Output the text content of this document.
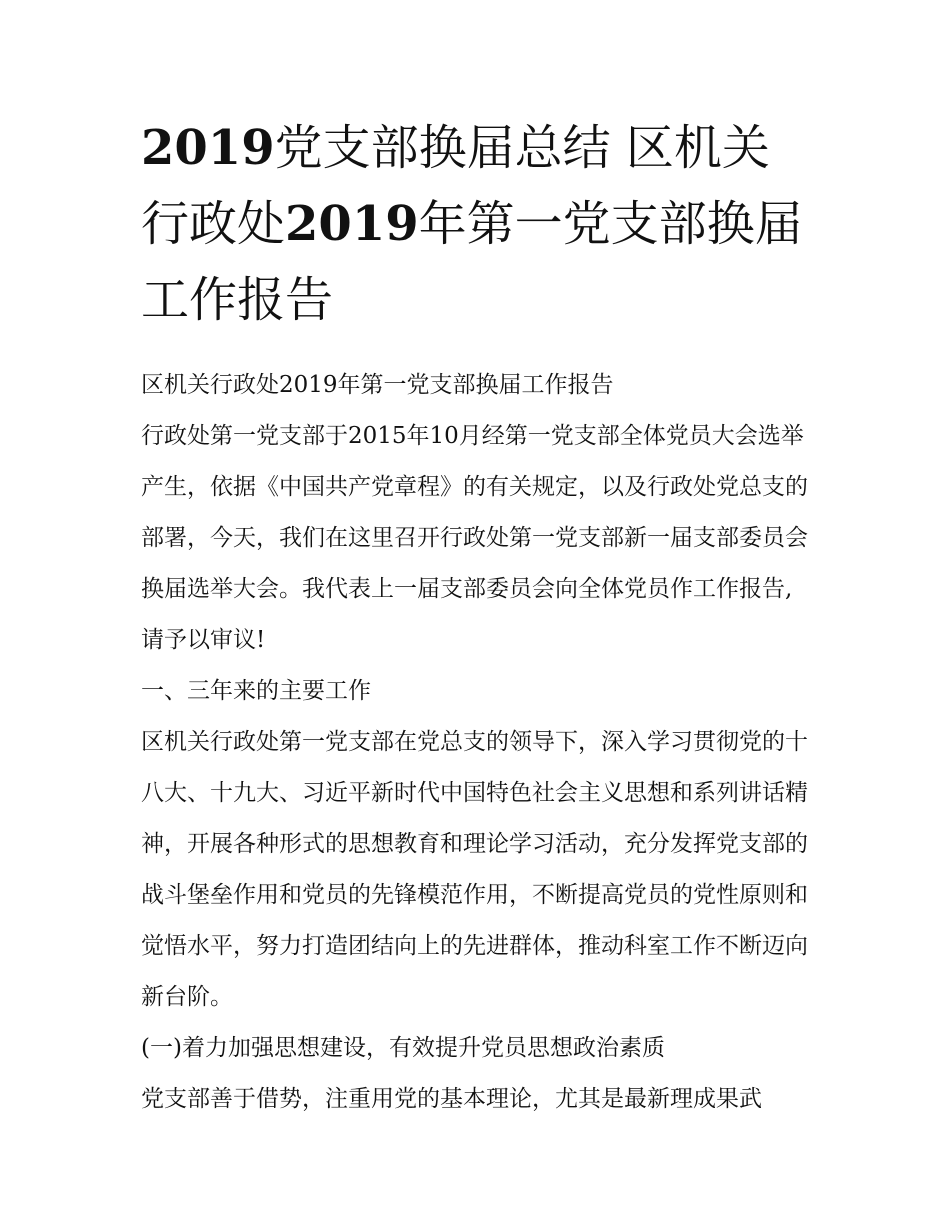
2019党支部换届总结 区机关行政处2019年第一党支部换届工作报告

区机关行政处2019年第一党支部换届工作报告

行政处第一党支部于2015年10月经第一党支部全体党员大会选举产生，依据《中国共产党章程》的有关规定，以及行政处党总支的部署，今天，我们在这里召开行政处第一党支部新一届支部委员会换届选举大会。我代表上一届支部委员会向全体党员作工作报告,请予以审议!

一、三年来的主要工作

区机关行政处第一党支部在党总支的领导下，深入学习贯彻党的十八大、十九大、习近平新时代中国特色社会主义思想和系列讲话精神，开展各种形式的思想教育和理论学习活动，充分发挥党支部的战斗堡垒作用和党员的先锋模范作用，不断提高党员的党性原则和觉悟水平，努力打造团结向上的先进群体，推动科室工作不断迈向新台阶。

(一)着力加强思想建设，有效提升党员思想政治素质

党支部善于借势，注重用党的基本理论，尤其是最新理成果武
